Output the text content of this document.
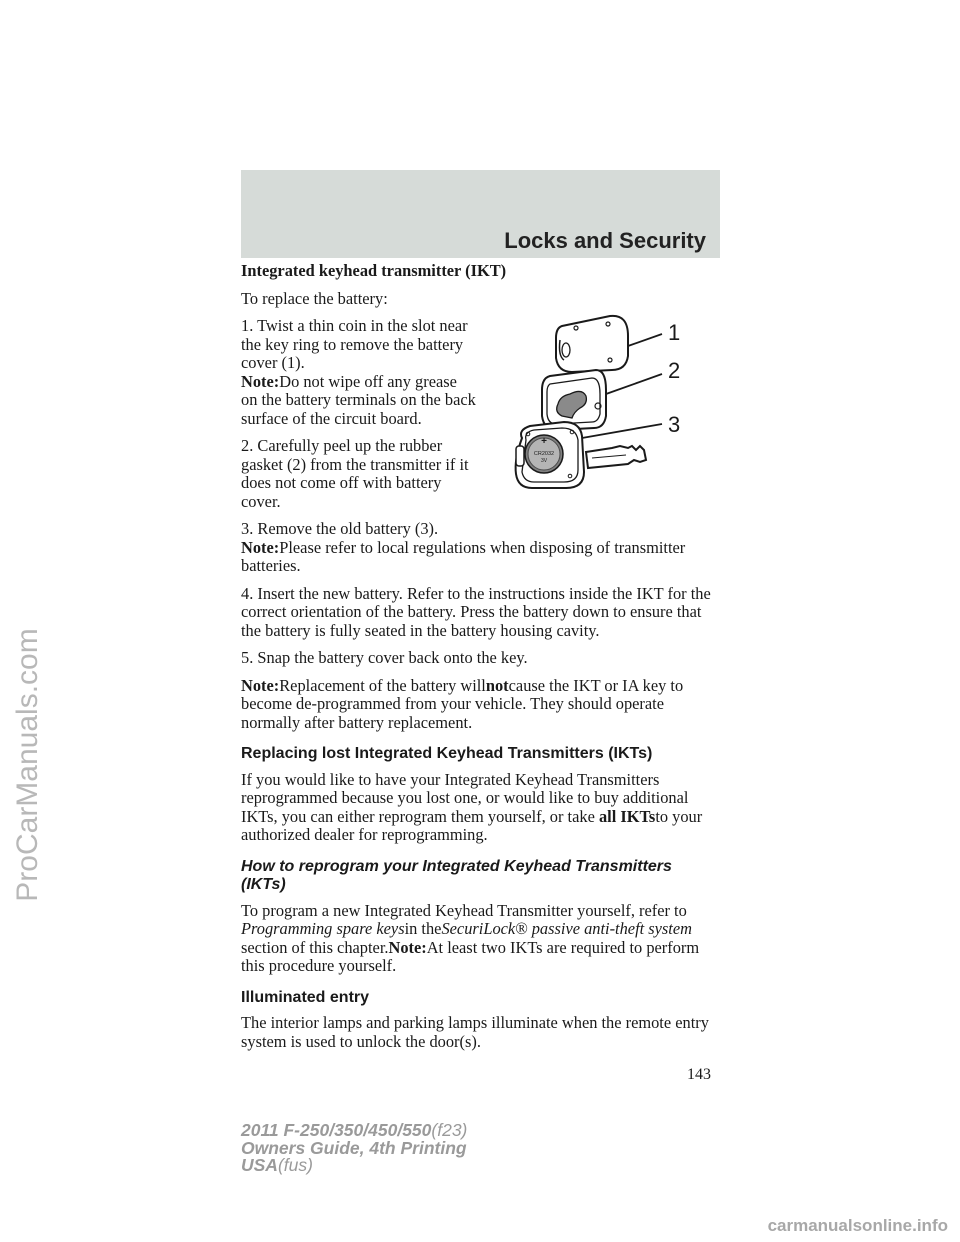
Locks and Security

Integrated keyhead transmitter (IKT)

To replace the battery:

1. Twist a thin coin in the slot near the key ring to remove the battery cover (1).

Note:Do not wipe off any grease on the battery terminals on the back surface of the circuit board.

2. Carefully peel up the rubber gasket (2) from the transmitter if it does not come off with battery cover.

3. Remove the old battery (3).

Note:Please refer to local regulations when disposing of transmitter batteries.

4. Insert the new battery. Refer to the instructions inside the IKT for the correct orientation of the battery. Press the battery down to ensure that the battery is fully seated in the battery housing cavity.

5. Snap the battery cover back onto the key.

Note:Replacement of the battery willnotcause the IKT or IA key to become de-programmed from your vehicle. They should operate normally after battery replacement.

Replacing lost Integrated Keyhead Transmitters (IKTs)

If you would like to have your Integrated Keyhead Transmitters reprogrammed because you lost one, or would like to buy additional IKTs, you can either reprogram them yourself, or take all IKTsto your authorized dealer for reprogramming.

How to reprogram your Integrated Keyhead Transmitters (IKTs)

To program a new Integrated Keyhead Transmitter yourself, refer to Programming spare keysin theSecuriLock® passive anti-theft system section of this chapter.Note:At least two IKTs are required to perform this procedure yourself.

Illuminated entry

The interior lamps and parking lamps illuminate when the remote entry system is used to unlock the door(s).

+
CR2032
3V
1
2
3
143
2011 F-250/350/450/550(f23)
Owners Guide, 4th Printing
USA(fus)
ProCarManuals.com
carmanualsonline.info
